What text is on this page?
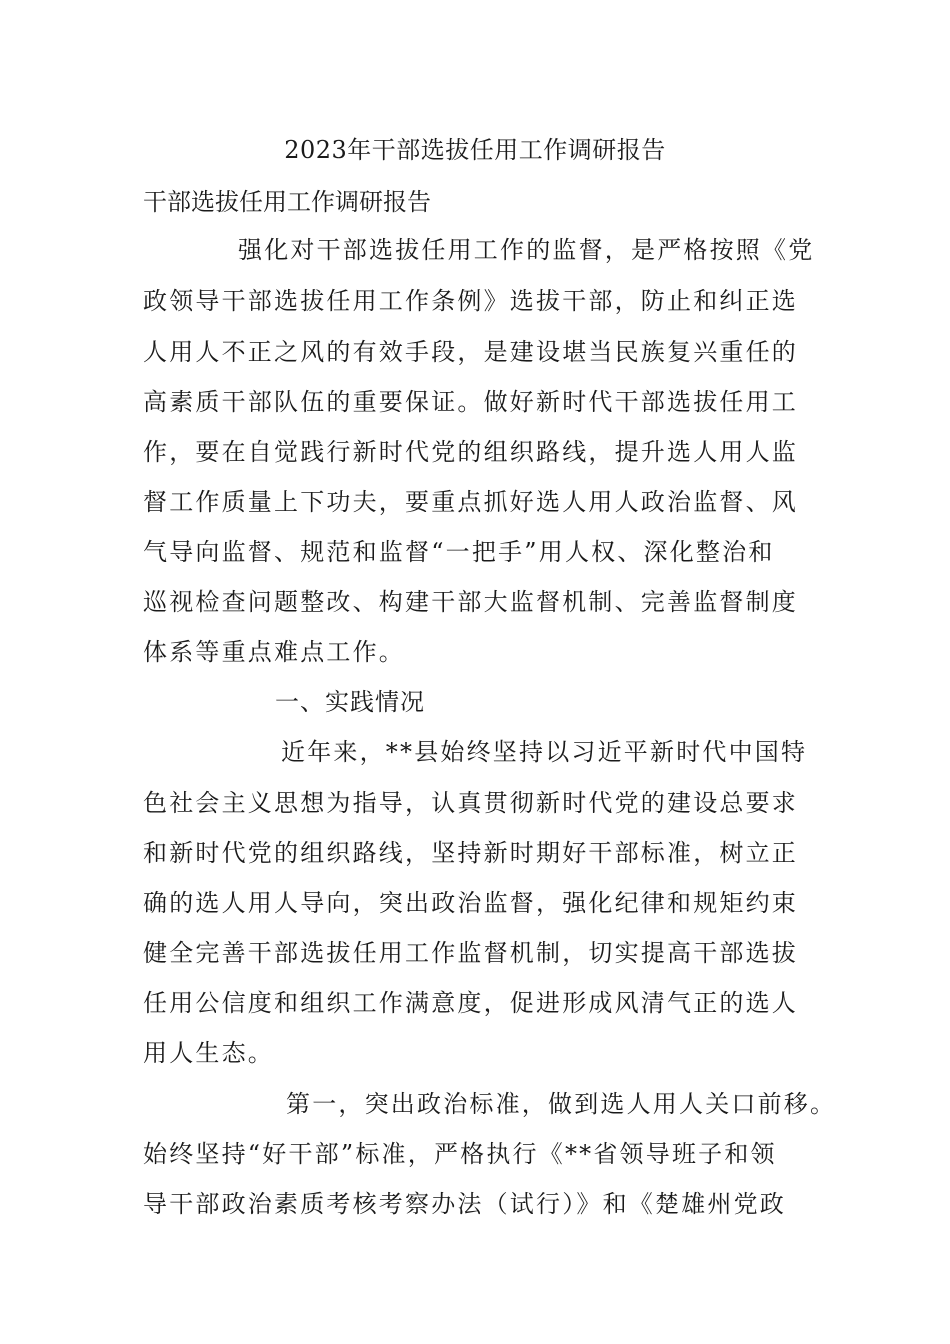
2023年干部选拔任用工作调研报告
干部选拔任用工作调研报告
强化对干部选拔任用工作的监督，是严格按照《党
政领导干部选拔任用工作条例》选拔干部，防止和纠正选
人用人不正之风的有效手段，是建设堪当民族复兴重任的
高素质干部队伍的重要保证。做好新时代干部选拔任用工
作，要在自觉践行新时代党的组织路线，提升选人用人监
督工作质量上下功夫，要重点抓好选人用人政治监督、风
气导向监督、规范和监督“一把手”用人权、深化整治和
巡视检查问题整改、构建干部大监督机制、完善监督制度
体系等重点难点工作。
一、实践情况
近年来，**县始终坚持以习近平新时代中国特
色社会主义思想为指导，认真贯彻新时代党的建设总要求
和新时代党的组织路线，坚持新时期好干部标准，树立正
确的选人用人导向，突出政治监督，强化纪律和规矩约束
健全完善干部选拔任用工作监督机制，切实提高干部选拔
任用公信度和组织工作满意度，促进形成风清气正的选人
用人生态。
第一，突出政治标准，做到选人用人关口前移。
始终坚持“好干部”标准，严格执行《**省领导班子和领
导干部政治素质考核考察办法（试行）》和《楚雄州党政
